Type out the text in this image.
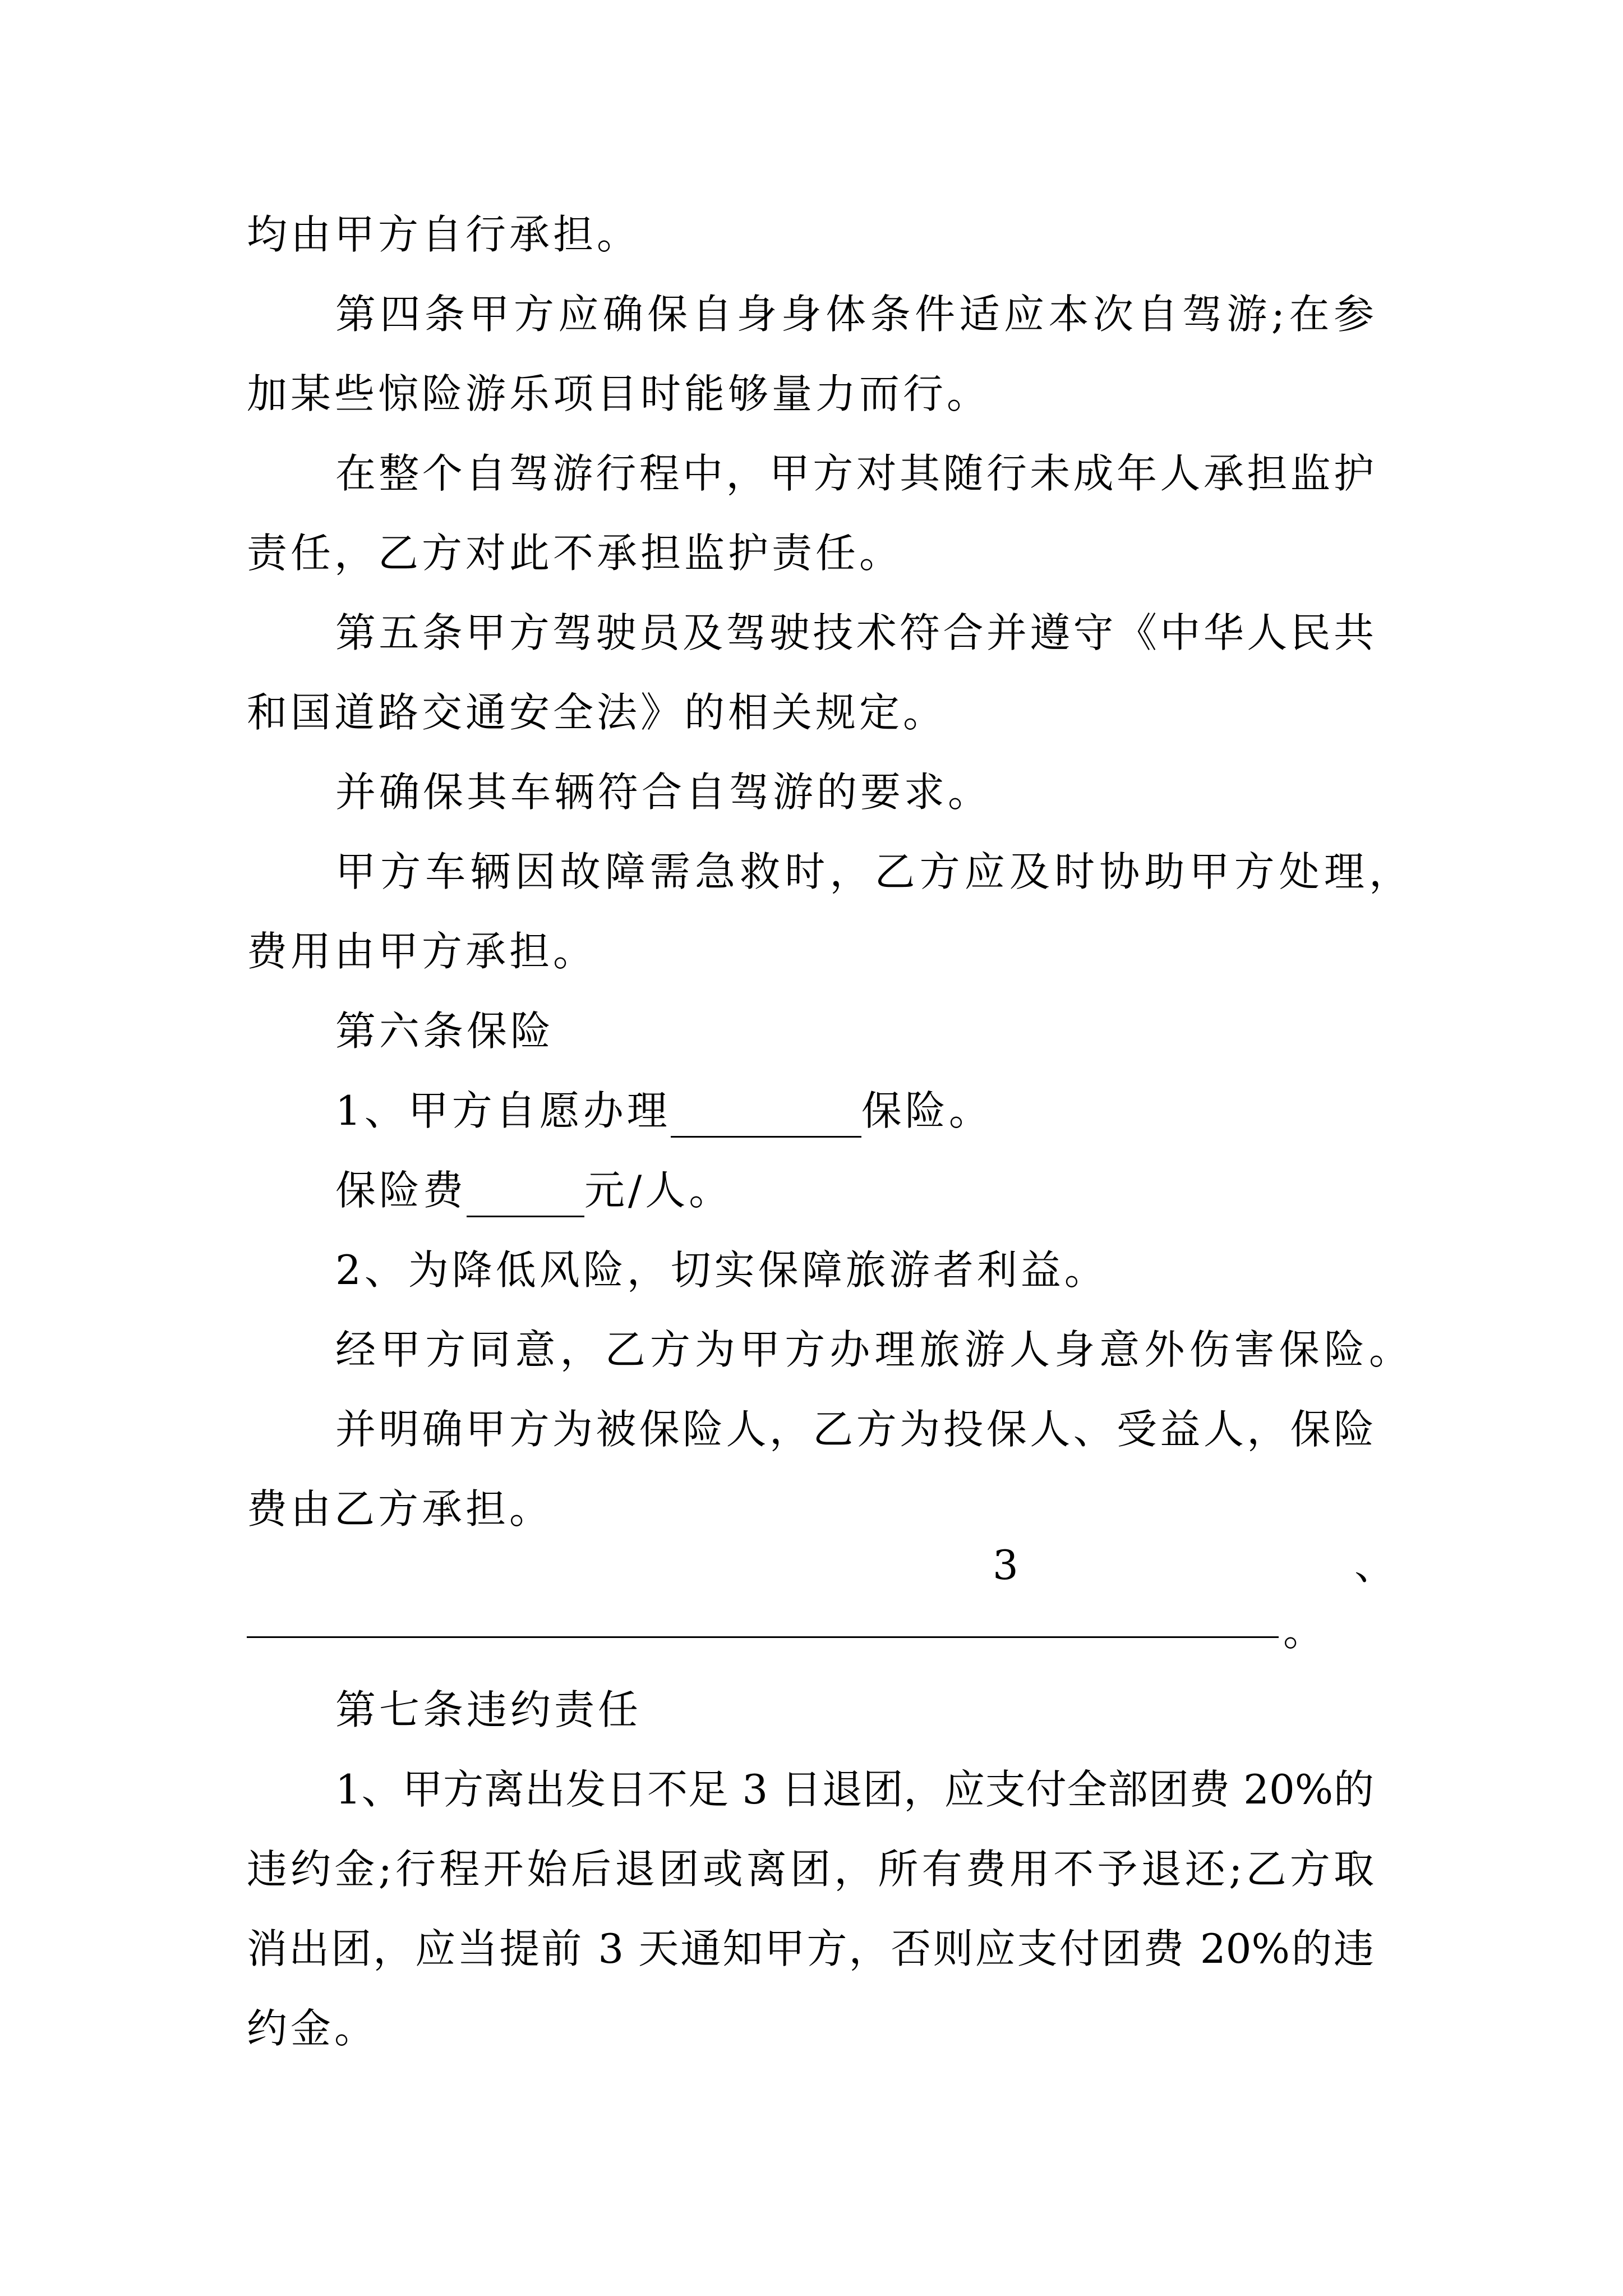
均由甲方自行承担。
第四条甲方应确保自身身体条件适应本次自驾游;在参
加某些惊险游乐项目时能够量力而行。
在整个自驾游行程中，甲方对其随行未成年人承担监护
责任，乙方对此不承担监护责任。
第五条甲方驾驶员及驾驶技术符合并遵守《中华人民共
和国道路交通安全法》的相关规定。
并确保其车辆符合自驾游的要求。
甲方车辆因故障需急救时，乙方应及时协助甲方处理，
费用由甲方承担。
第六条保险
1、甲方自愿办理	保险。
保险费	元/人。
2、为降低风险，切实保障旅游者利益。
经甲方同意，乙方为甲方办理旅游人身意外伤害保险。
并明确甲方为被保险人，乙方为投保人、受益人，保险
费由乙方承担。
3	、
。
第七条违约责任
1、甲方离出发日不足 3 日退团，应支付全部团费 20%的
违约金;行程开始后退团或离团，所有费用不予退还;乙方取
消出团，应当提前 3 天通知甲方，否则应支付团费 20%的违
约金。
